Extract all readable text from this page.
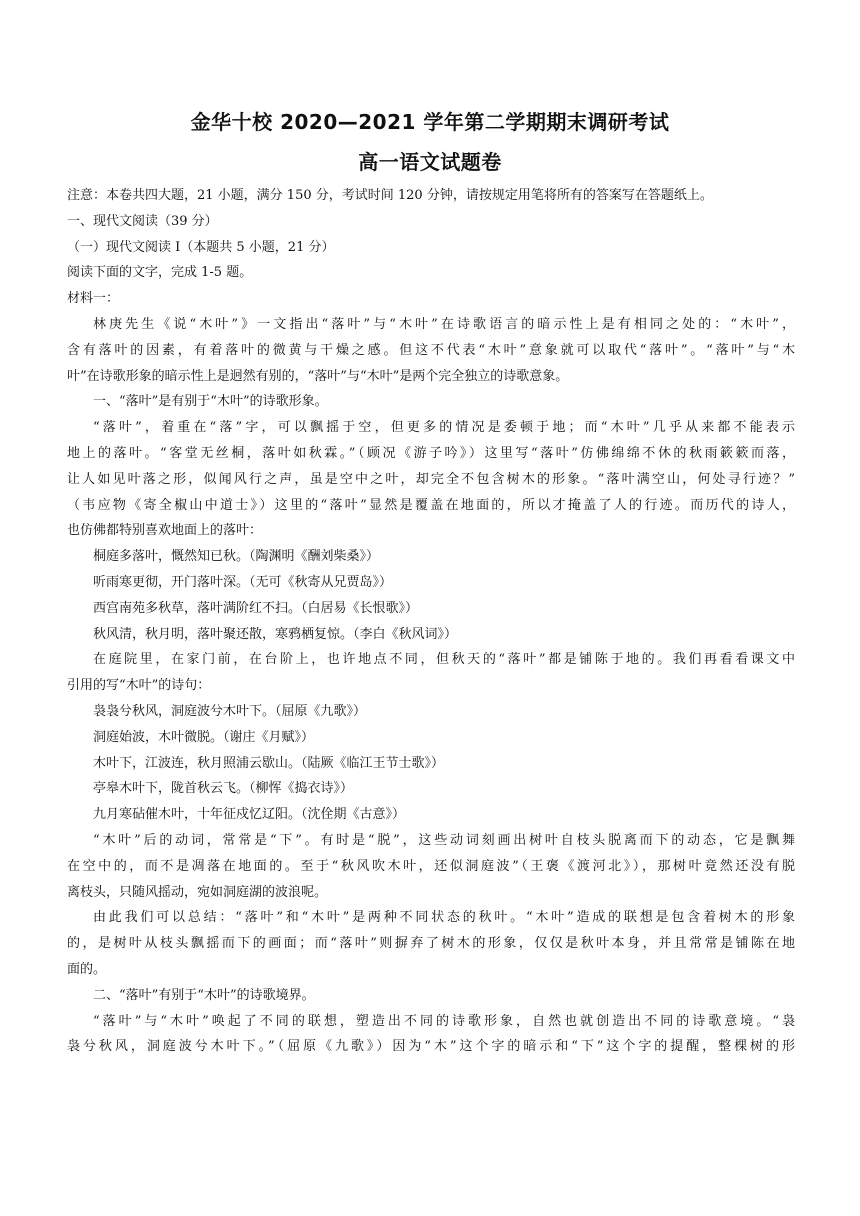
金华十校 2020—2021 学年第二学期期末调研考试
高一语文试题卷
注意：本卷共四大题，21 小题，满分 150 分，考试时间 120 分钟，请按规定用笔将所有的答案写在答题纸上。
一、现代文阅读（39 分）
（一）现代文阅读 I（本题共 5 小题，21 分）
阅读下面的文字，完成 1-5 题。
材料一：
林庚先生《说“木叶”》一文指出“落叶”与“木叶”在诗歌语言的暗示性上是有相同之处的：“木叶”，
含有落叶的因素，有着落叶的微黄与干燥之感。但这不代表“木叶”意象就可以取代“落叶”。“落叶”与“木
叶”在诗歌形象的暗示性上是迥然有别的，“落叶”与“木叶”是两个完全独立的诗歌意象。
一、“落叶”是有别于“木叶”的诗歌形象。
“落叶”，着重在“落”字，可以飘摇于空，但更多的情况是委顿于地；而“木叶”几乎从来都不能表示
地上的落叶。“客堂无丝桐，落叶如秋霖。”（顾况《游子吟》）这里写“落叶”仿佛绵绵不休的秋雨簌簌而落，
让人如见叶落之形，似闻风行之声，虽是空中之叶，却完全不包含树木的形象。“落叶满空山，何处寻行迹？”
（韦应物《寄全椒山中道士》）这里的“落叶”显然是覆盖在地面的，所以才掩盖了人的行迹。而历代的诗人，
也仿佛都特别喜欢地面上的落叶：
桐庭多落叶，慨然知已秋。（陶渊明《酬刘柴桑》）
听雨寒更彻，开门落叶深。（无可《秋寄从兄贾岛》）
西宫南苑多秋草，落叶满阶红不扫。（白居易《长恨歌》）
秋风清，秋月明，落叶聚还散，寒鸦栖复惊。（李白《秋风词》）
在庭院里，在家门前，在台阶上，也许地点不同，但秋天的“落叶”都是铺陈于地的。我们再看看课文中
引用的写“木叶”的诗句：
袅袅兮秋风，洞庭波兮木叶下。（屈原《九歌》）
洞庭始波，木叶微脱。（谢庄《月赋》）
木叶下，江波连，秋月照浦云歇山。（陆厥《临江王节士歌》）
亭皋木叶下，陇首秋云飞。（柳恽《捣衣诗》）
九月寒砧催木叶，十年征戍忆辽阳。（沈佺期《古意》）
“木叶”后的动词，常常是“下”。有时是“脱”，这些动词刻画出树叶自枝头脱离而下的动态，它是飘舞
在空中的，而不是凋落在地面的。至于“秋风吹木叶，还似洞庭波”（王褒《渡河北》），那树叶竟然还没有脱
离枝头，只随风摇动，宛如洞庭湖的波浪呢。
由此我们可以总结：“落叶”和“木叶”是两种不同状态的秋叶。“木叶”造成的联想是包含着树木的形象
的，是树叶从枝头飘摇而下的画面；而“落叶”则摒弃了树木的形象，仅仅是秋叶本身，并且常常是铺陈在地
面的。
二、“落叶”有别于“木叶”的诗歌境界。
“落叶”与“木叶”唤起了不同的联想，塑造出不同的诗歌形象，自然也就创造出不同的诗歌意境。“袅
袅兮秋风，洞庭波兮木叶下。”（屈原《九歌》）因为“木”这个字的暗示和“下”这个字的提醒，整棵树的形
